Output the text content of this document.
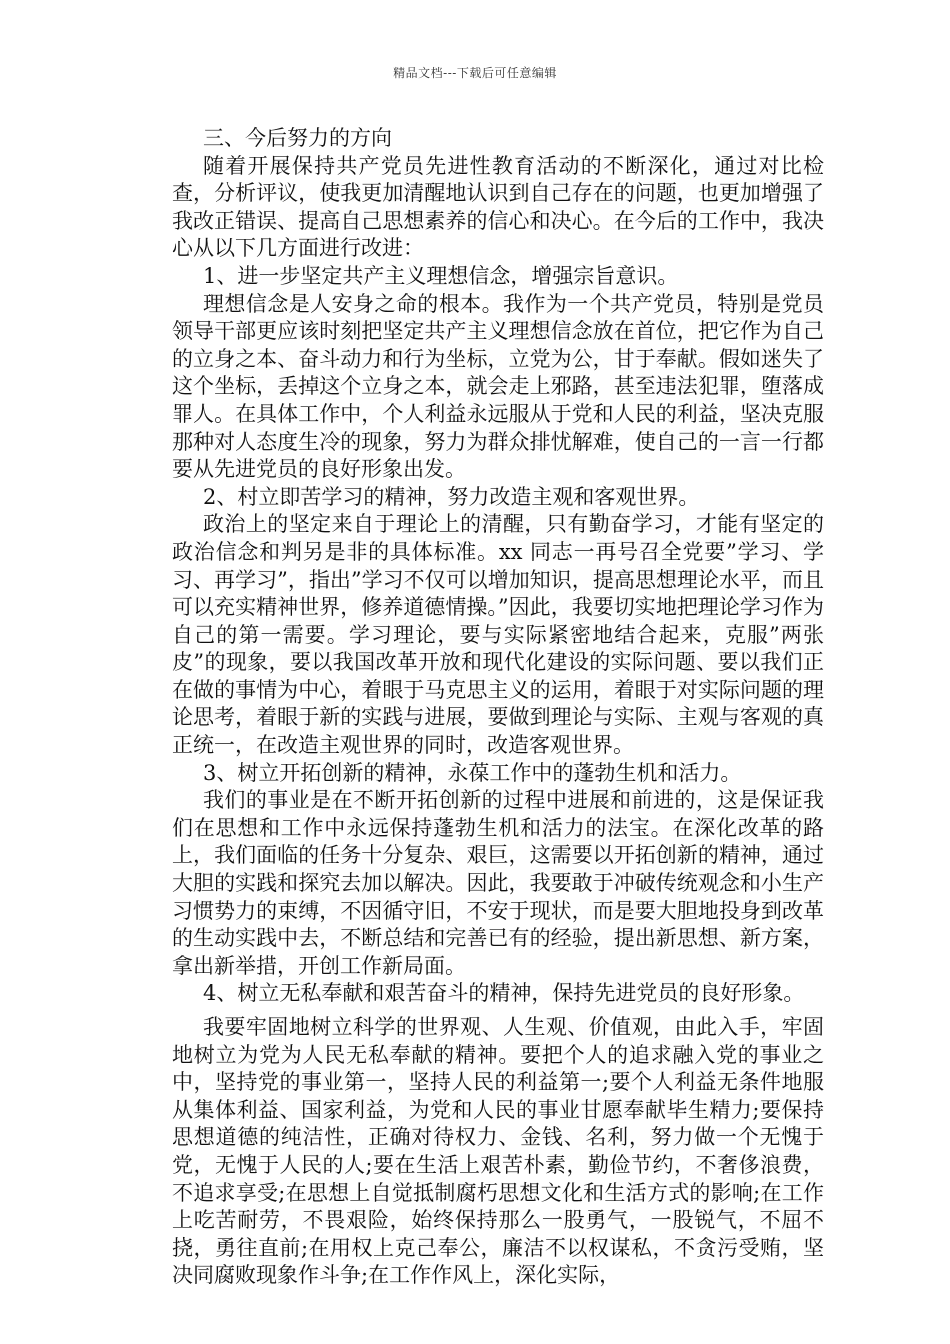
精品文档---下载后可任意编辑

三、今后努力的方向

随着开展保持共产党员先进性教育活动的不断深化，通过对比检查，分析评议，使我更加清醒地认识到自己存在的问题，也更加增强了我改正错误、提高自己思想素养的信心和决心。在今后的工作中，我决心从以下几方面进行改进：

1、进一步坚定共产主义理想信念，增强宗旨意识。

理想信念是人安身之命的根本。我作为一个共产党员，特别是党员领导干部更应该时刻把坚定共产主义理想信念放在首位，把它作为自己的立身之本、奋斗动力和行为坐标，立党为公，甘于奉献。假如迷失了这个坐标，丢掉这个立身之本，就会走上邪路，甚至违法犯罪，堕落成罪人。在具体工作中，个人利益永远服从于党和人民的利益，坚决克服那种对人态度生冷的现象，努力为群众排忧解难，使自己的一言一行都要从先进党员的良好形象出发。

2、村立即苦学习的精神，努力改造主观和客观世界。

政治上的坚定来自于理论上的清醒，只有勤奋学习，才能有坚定的政治信念和判另是非的具体标准。xx 同志一再号召全党要”学习、学习、再学习”，指出”学习不仅可以增加知识，提高思想理论水平，而且可以充实精神世界，修养道德情操。”因此，我要切实地把理论学习作为自己的第一需要。学习理论，要与实际紧密地结合起来，克服”两张皮”的现象，要以我国改革开放和现代化建设的实际问题、要以我们正在做的事情为中心，着眼于马克思主义的运用，着眼于对实际问题的理论思考，着眼于新的实践与进展，要做到理论与实际、主观与客观的真正统一，在改造主观世界的同时，改造客观世界。

3、树立开拓创新的精神，永葆工作中的蓬勃生机和活力。

我们的事业是在不断开拓创新的过程中进展和前进的，这是保证我们在思想和工作中永远保持蓬勃生机和活力的法宝。在深化改革的路上，我们面临的任务十分复杂、艰巨，这需要以开拓创新的精神，通过大胆的实践和探究去加以解决。因此，我要敢于冲破传统观念和小生产习惯势力的束缚，不因循守旧，不安于现状，而是要大胆地投身到改革的生动实践中去，不断总结和完善已有的经验，提出新思想、新方案，拿出新举措，开创工作新局面。

4、树立无私奉献和艰苦奋斗的精神，保持先进党员的良好形象。

我要牢固地树立科学的世界观、人生观、价值观，由此入手，牢固地树立为党为人民无私奉献的精神。要把个人的追求融入党的事业之中，坚持党的事业第一，坚持人民的利益第一;要个人利益无条件地服从集体利益、国家利益，为党和人民的事业甘愿奉献毕生精力;要保持思想道德的纯洁性，正确对待权力、金钱、名利，努力做一个无愧于党，无愧于人民的人;要在生活上艰苦朴素，勤俭节约，不奢侈浪费，不追求享受;在思想上自觉抵制腐朽思想文化和生活方式的影响;在工作上吃苦耐劳，不畏艰险，始终保持那么一股勇气，一股锐气，不屈不挠，勇往直前;在用权上克己奉公，廉洁不以权谋私，不贪污受贿，坚决同腐败现象作斗争;在工作作风上，深化实际，
